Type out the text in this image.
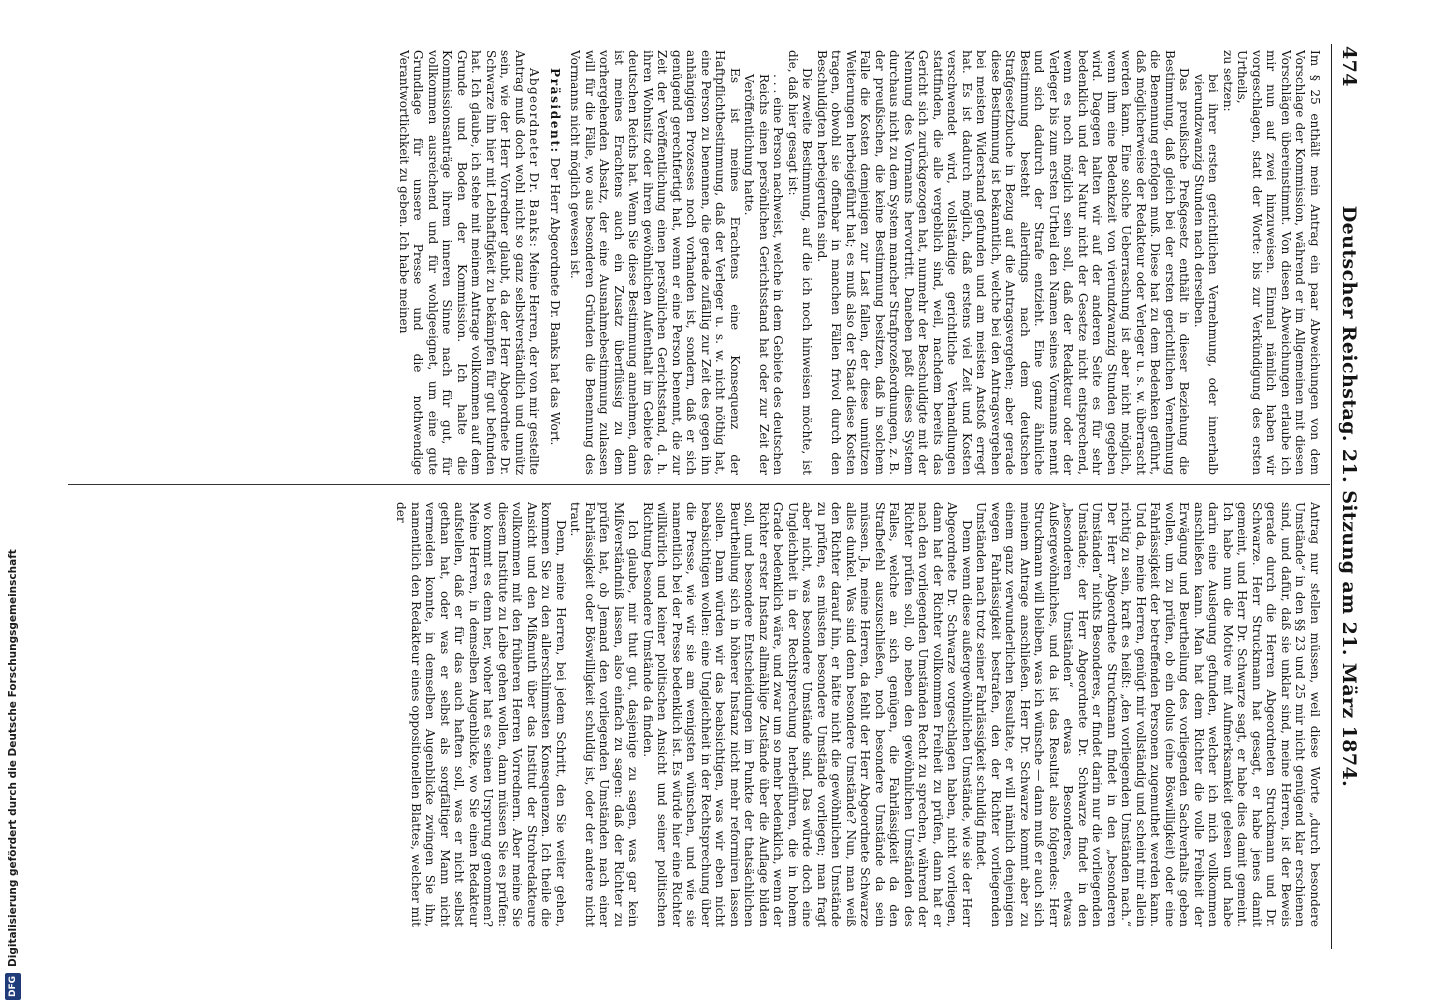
474
Deutscher Reichstag. 21. Sitzung am 21. März 1874.

Im § 25 enthält mein Antrag ein paar Abweichungen von dem Vorschlage der Kommission, während er im Allgemeinen mit diesen Vorschlägen übereinstimmt. Von diesen Abweichungen erlaube ich mir nun auf zwei hinzuweisen. Einmal nämlich haben wir vorgeschlagen, statt der Worte: bis zur Verkündigung des ersten Urtheils,

zu setzen:

bei ihrer ersten gerichtlichen Vernehmung, oder innerhalb vierundzwanzig Stunden nach derselben.

Das preußische Preßgesetz enthält in dieser Beziehung die Bestimmung, daß gleich bei der ersten gerichtlichen Vernehmung die Benennung erfolgen muß. Diese hat zu dem Bedenken geführt, daß möglicherweise der Redakteur oder Verleger u. s. w. überrascht werden kann. Eine solche Ueberraschung ist aber nicht möglich, wenn ihm eine Bedenkzeit von vierundzwanzig Stunden gegeben wird. Dagegen halten wir auf der anderen Seite es für sehr bedenklich und der Natur nicht der Gesetze nicht entsprechend, wenn es noch möglich sein soll, daß der Redakteur oder der Verleger bis zum ersten Urtheil den Namen seines Vormanns nennt und sich dadurch der Strafe entzieht. Eine ganz ähnliche Bestimmung besteht allerdings nach dem deutschen Strafgesetzbuche in Bezug auf die Antragsvergehen; aber gerade diese Bestimmung ist bekanntlich, welche bei den Antragsvergehen bei meisten Widerstand gefunden und am meisten Anstoß erregt hat. Es ist dadurch möglich, daß erstens viel Zeit und Kosten verschwendet wird, vollständige gerichtliche Verhandlungen stattfinden, die alle vergeblich sind, weil, nachdem bereits das Gericht sich zurückgezogen hat, nunmehr der Beschuldigte mit der Nennung des Vormanns hervortritt. Daneben paßt dieses System durchaus nicht zu dem System mancher Strafprozeßordnungen, z. B. der preußischen, die keine Bestimmung besitzen, daß in solchem Falle die Kosten demjenigen zur Last fallen, der diese unnützen Weiterungen herbeigeführt hat; es muß also der Staat diese Kosten tragen, obwohl sie offenbar in manchen Fällen frivol durch den Beschuldigten herbeigerufen sind.

Die zweite Bestimmung, auf die ich noch hinweisen möchte, ist die, daß hier gesagt ist:

. . . eine Person nachweist, welche in dem Gebiete des deutschen Reichs einen persönlichen Gerichtsstand hat oder zur Zeit der Veröffentlichung hatte.

Es ist meines Erachtens eine Konsequenz der Haftpflichtbestimmung, daß der Verleger u. s. w. nicht nöthig hat, eine Person zu benennen, die gerade zufällig zur Zeit des gegen ihn anhängigen Prozesses noch vorhanden ist, sondern, daß er sich genügend gerechtfertigt hat, wenn er eine Person benennt, die zur Zeit der Veröffentlichung einen persönlichen Gerichtsstand, d. h. ihren Wohnsitz oder ihren gewöhnlichen Aufenthalt im Gebiete des deutschen Reichs hat. Wenn Sie diese Bestimmung annehmen, dann ist meines Erachtens auch ein Zusatz überflüssig zu dem vorhergehenden Absatz, der eine Ausnahmebestimmung zulassen will für die Fälle, wo aus besonderen Gründen die Benennung des Vormanns nicht möglich gewesen ist.

Präsident: Der Herr Abgeordnete Dr. Banks hat das Wort.

Abgeordneter Dr. Banks: Meine Herren, der von mir gestellte Antrag muß doch wohl nicht so ganz selbstverständlich und unnütz sein, wie der Herr Vorredner glaubt, da der Herr Abgeordnete Dr. Schwarze ihn hier mit Lebhaftigkeit zu bekämpfen für gut befunden hat. Ich glaube, ich stehe mit meinem Antrage vollkommen auf dem Grunde und Boden der Kommission. Ich halte die Kommissionsanträge ihrem inneren Sinne nach für gut, für vollkommen ausreichend und für wohlgeeignet, um eine gute Grundlage für unsere Presse und die nothwendige Verantwortlichkeit zu geben. Ich habe meinen

Antrag nur stellen müssen, weil diese Worte „durch besondere Umstände“ in den §§ 23 und 25 mir nicht genügend klar erschienen sind, und dafür, daß sie unklar sind, meine Herren, ist der Beweis gerade durch die Herren Abgeordneten Struckmann und Dr. Schwarze. Herr Struckmann hat gesagt, er habe jenes damit gemeint, und Herr Dr. Schwarze sagt, er habe dies damit gemeint. Ich habe nun die Motive mit Aufmerksamkeit gelesen und habe darin eine Auslegung gefunden, welcher ich mich vollkommen anschließen kann. Man hat dem Richter die volle Freiheit der Erwägung und Beurtheilung des vorliegenden Sachverhalts geben wollen, um zu prüfen, ob ein dolus (eine Böswilligkeit) oder eine Fahrlässigkeit der betreffenden Personen zugemuthet werden kann. Und da, meine Herren, genügt mir vollständig und scheint mir allein richtig zu sein, kraft es heißt: „den vorliegenden Umständen nach.“ Der Herr Abgeordnete Struckmann findet in den „besonderen Umständen“ nichts Besonderes, er findet darin nur die vorliegenden Umstände; der Herr Abgeordnete Dr. Schwarze findet in den „besonderen Umständen“ etwas Besonderes, etwas Außergewöhnliches, und da ist das Resultat also folgendes: Herr Struckmann will bleiben, was ich wünsche — dann muß er auch sich meinem Antrage anschließen. Herr Dr. Schwarze kommt aber zu einem ganz verwunderlichen Resultate, er will nämlich denjenigen wegen Fahrlässigkeit bestrafen, den der Richter vorliegenden Umständen nach trotz seiner Fahrlässigkeit schuldig findet.

Denn wenn diese außergewöhnlichen Umstände, wie sie der Herr Abgeordnete Dr. Schwarze vorgeschlagen haben, nicht vorliegen, dann hat der Richter vollkommen Freiheit zu prüfen, dann hat er nach den vorliegenden Umständen Recht zu sprechen, während der Richter prüfen soll, ob neben den gewöhnlichen Umständen des Falles, welche an sich genügen, die Fahrlässigkeit da den Strafbefehl auszuschließen, noch besondere Umstände da sein müssen. Ja, meine Herren, da fehlt der Herr Abgeordnete Schwarze alles dunkel. Was sind denn besondere Umstände? Nun, man weiß den Richter darauf hin, er hätte nicht die gewöhnlichen Umstände zu prüfen, es müssten besondere Umstände vorliegen; man fragt aber nicht, was besondere Umstände sind. Das würde doch eine Ungleichheit in der Rechtsprechung herbeiführen, die in hohem Grade bedenklich wäre, und zwar um so mehr bedenklich, wenn der Richter erster Instanz allmählige Zustände über die Auflage bilden soll, und besondere Entscheidungen im Punkte der thatsächlichen Beurtheilung sich in höherer Instanz nicht mehr reformiren lassen sollen. Dann würden wir das beabsichtigen, was wir eben nicht beabsichtigen wollen: eine Ungleichheit in der Rechtsprechung über die Presse, wie wir sie am wenigsten wünschen, und wie sie namentlich bei der Presse bedenklich ist. Es würde hier eine Richter willkürlich und keiner politischen Ansicht und seiner politischen Richtung besondere Umstände da finden.

Ich glaube, mir thut gut, dasjenige zu sagen, was gar kein Mißverständniß lassen, also einfach zu sagen: daß der Richter zu prüfen hat, ob Jemand den vorliegenden Umständen nach einer Fahrlässigkeit oder Böswilligkeit schuldig ist, oder der andere nicht traut.

Denn, meine Herren, bei jedem Schritt, den Sie weiter gehen, kommen Sie zu den allerschlimmsten Konsequenzen. Ich theile die Ansicht und den Mißmuth über das Institut der Strohredakteure vollkommen mit den früheren Herren Vorrednern. Aber meine Sie diesem Institute zu Leibe gehen wollen, dann müssen Sie es prüfen: wo kommt es denn her, woher hat es seinen Ursprung genommen? Meine Herren, in demselben Augenblicke, wo Sie einen Redakteur aufstellen, daß er für das auch haften soll, was er nicht selbst gethan hat, oder was er selbst als sorgfältiger Mann nicht vermeiden konnte, in demselben Augenblicke zwingen Sie ihn, namentlich den Redakteur eines oppositionellen Blattes, welcher mit der

DFGDigitalisierung gefördert durch die Deutsche Forschungsgemeinschaft
